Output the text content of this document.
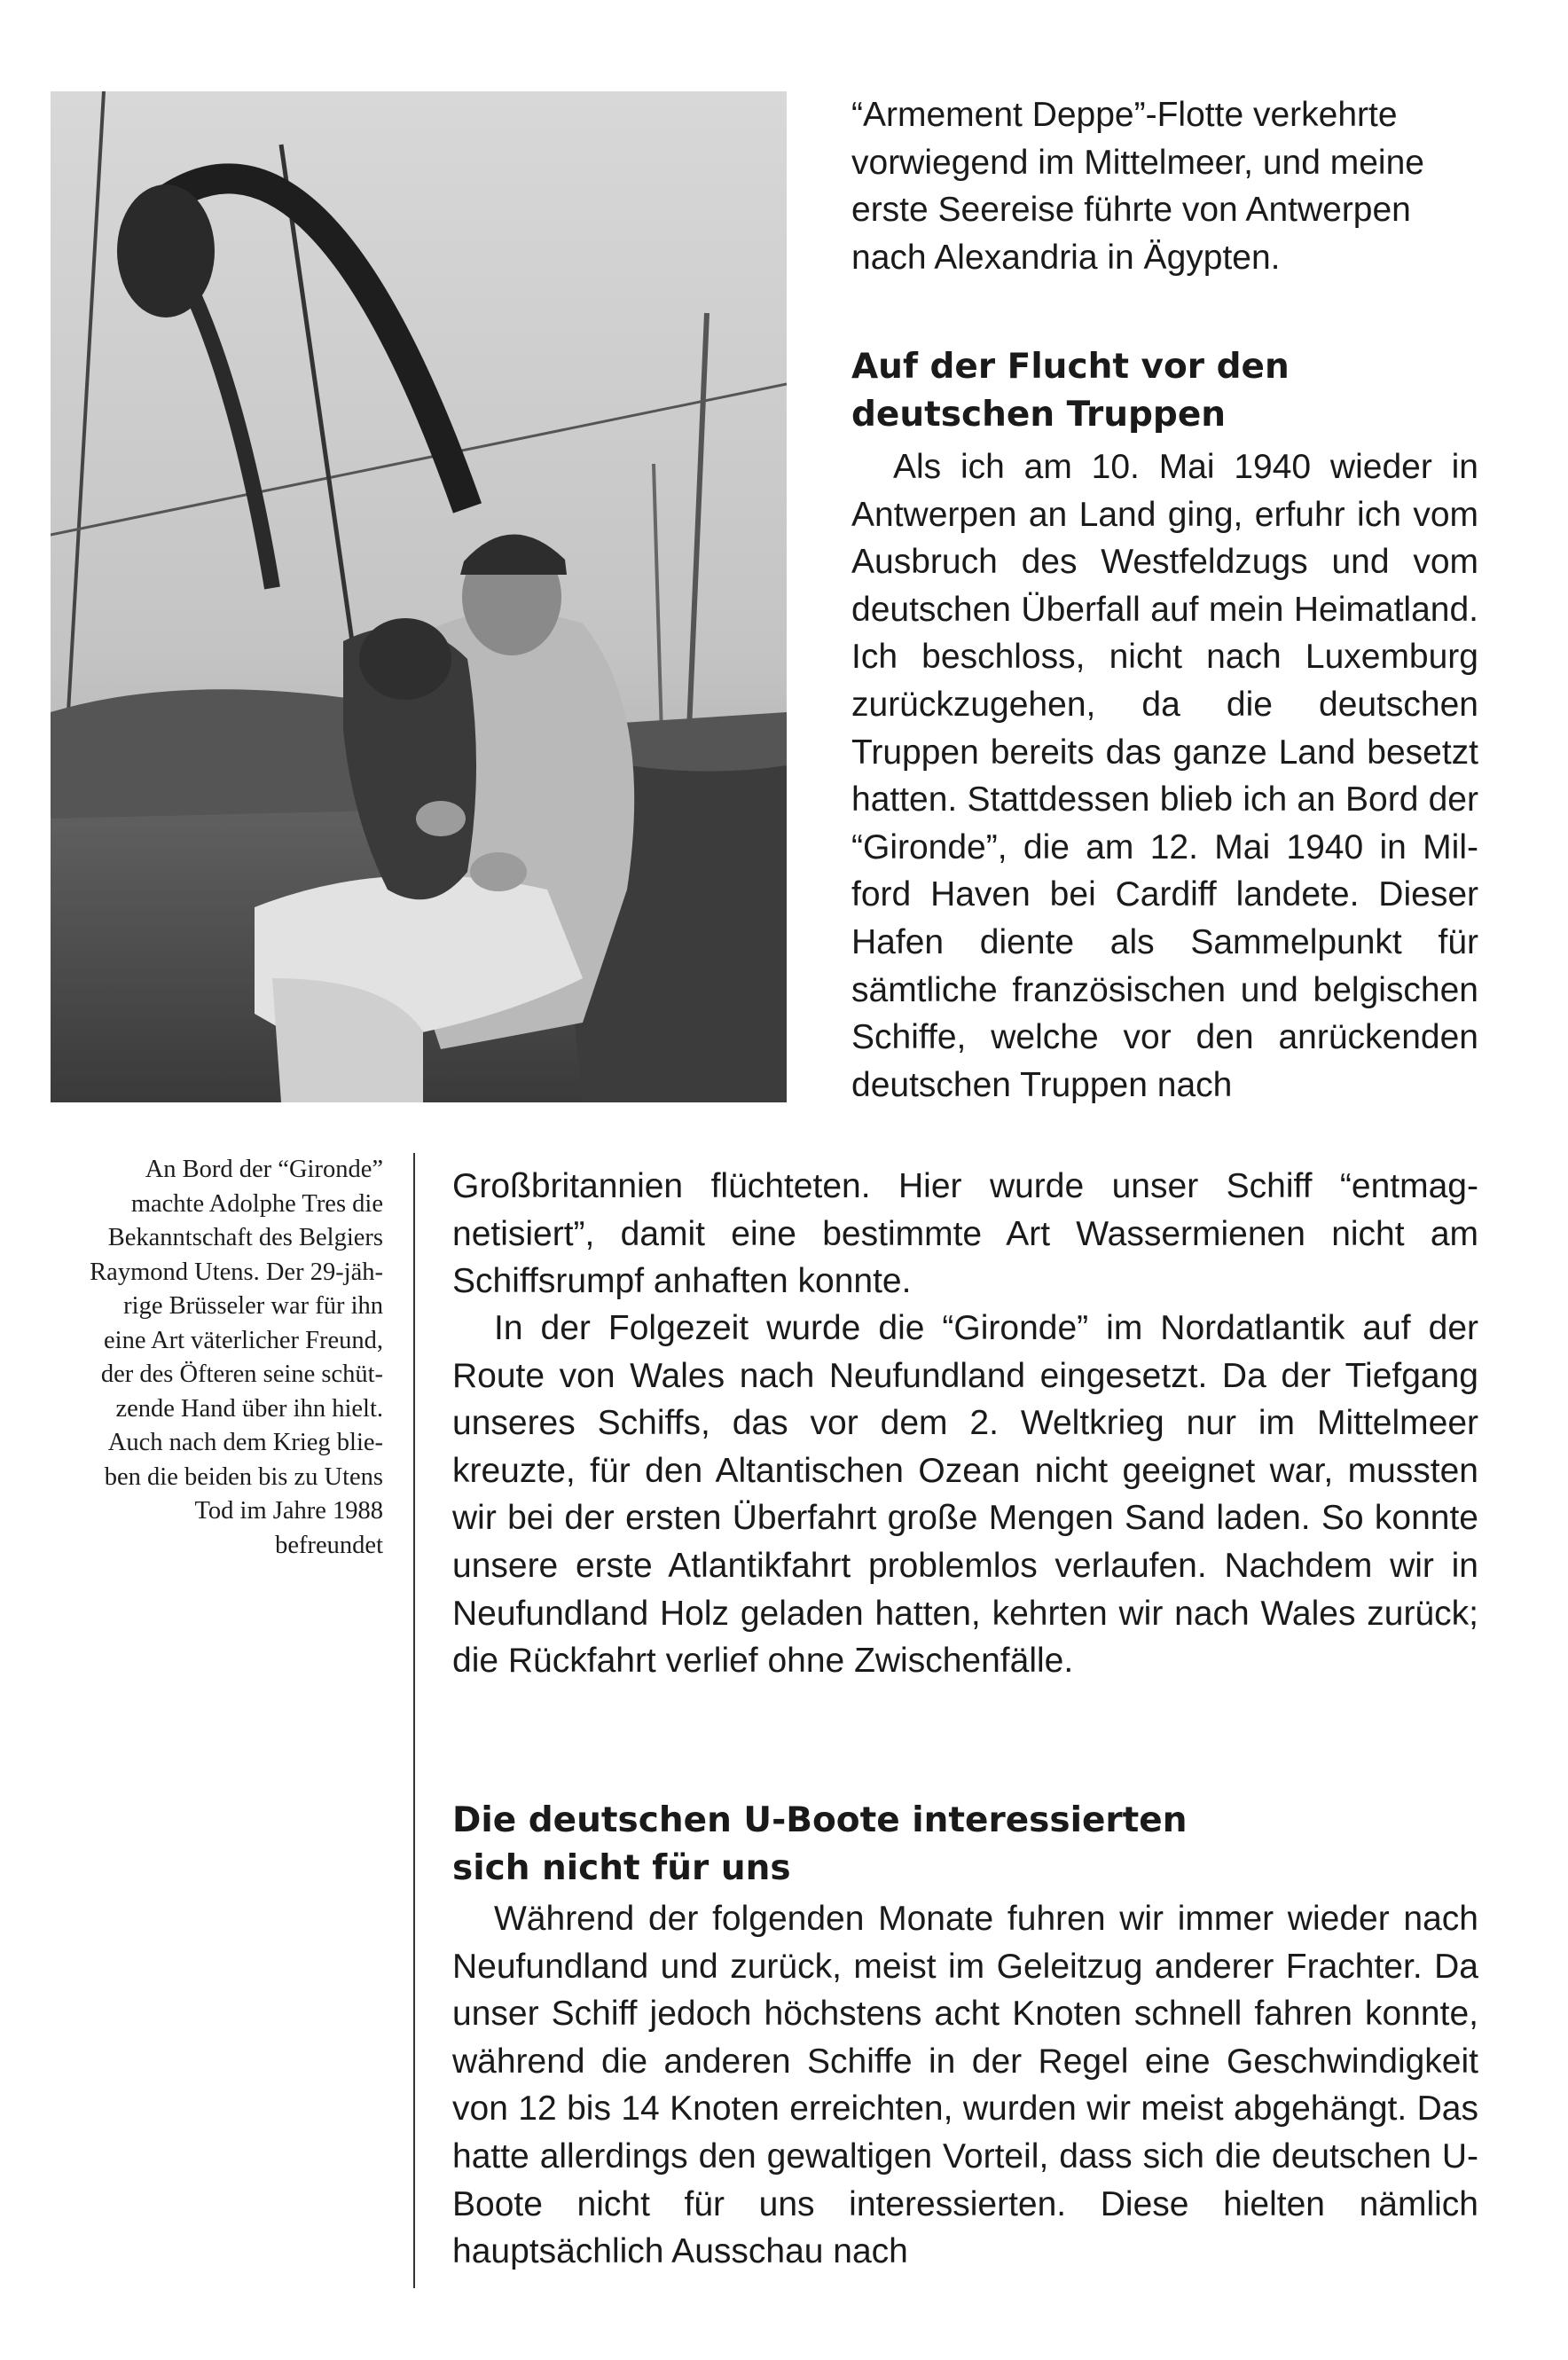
“Armement Deppe”-Flotte verkehrte

vorwiegend im Mittelmeer, und meine

erste Seereise führte von Antwerpen

nach Alexandria in Ägypten.

Auf der Flucht vor den

deutschen Truppen

Als ich am 10. Mai 1940 wieder in Antwerpen an Land ging, erfuhr ich vom Ausbruch des Westfeldzugs und vom deutschen Überfall auf mein Heimatland. Ich beschloss, nicht nach Luxemburg zurückzugehen, da die deutschen Truppen bereits das ganze Land besetzt hatten. Stattdessen blieb ich an Bord der “Gironde”, die am 12. Mai 1940 in Milford Haven bei Cardiff landete. Dieser Hafen diente als Sammelpunkt für sämtliche französischen und belgischen Schiffe, welche vor den anrückenden deutschen Truppen nach

Großbritannien flüchteten. Hier wurde unser Schiff “entmagnetisiert”, damit eine bestimmte Art Wassermienen nicht am Schiffsrumpf anhaften konnte.

In der Folgezeit wurde die “Gironde” im Nordatlantik auf der Route von Wales nach Neufundland eingesetzt. Da der Tiefgang unseres Schiffs, das vor dem 2. Weltkrieg nur im Mittelmeer kreuzte, für den Altantischen Ozean nicht geeignet war, mussten wir bei der ersten Überfahrt große Mengen Sand laden. So konnte unsere erste Atlantikfahrt problemlos verlaufen. Nachdem wir in Neufundland Holz geladen hatten, kehrten wir nach Wales zurück; die Rückfahrt verlief ohne Zwischenfälle.

Die deutschen U-Boote interessierten

sich nicht für uns

Während der folgenden Monate fuhren wir immer wieder nach Neufundland und zurück, meist im Geleitzug anderer Frachter. Da unser Schiff jedoch höchstens acht Knoten schnell fahren konnte, während die anderen Schiffe in der Regel eine Geschwindigkeit von 12 bis 14 Knoten erreichten, wurden wir meist abgehängt. Das hatte allerdings den gewaltigen Vorteil, dass sich die deutschen U-Boote nicht für uns interessierten. Diese hielten nämlich hauptsächlich Ausschau nach

An Bord der “Gironde”
machte Adolphe Tres die
Bekanntschaft des Belgiers
Raymond Utens. Der 29-jäh-
rige Brüsseler war für ihn
eine Art väterlicher Freund,
der des Öfteren seine schüt-
zende Hand über ihn hielt.
Auch nach dem Krieg blie-
ben die beiden bis zu Utens
Tod im Jahre 1988
befreundet
